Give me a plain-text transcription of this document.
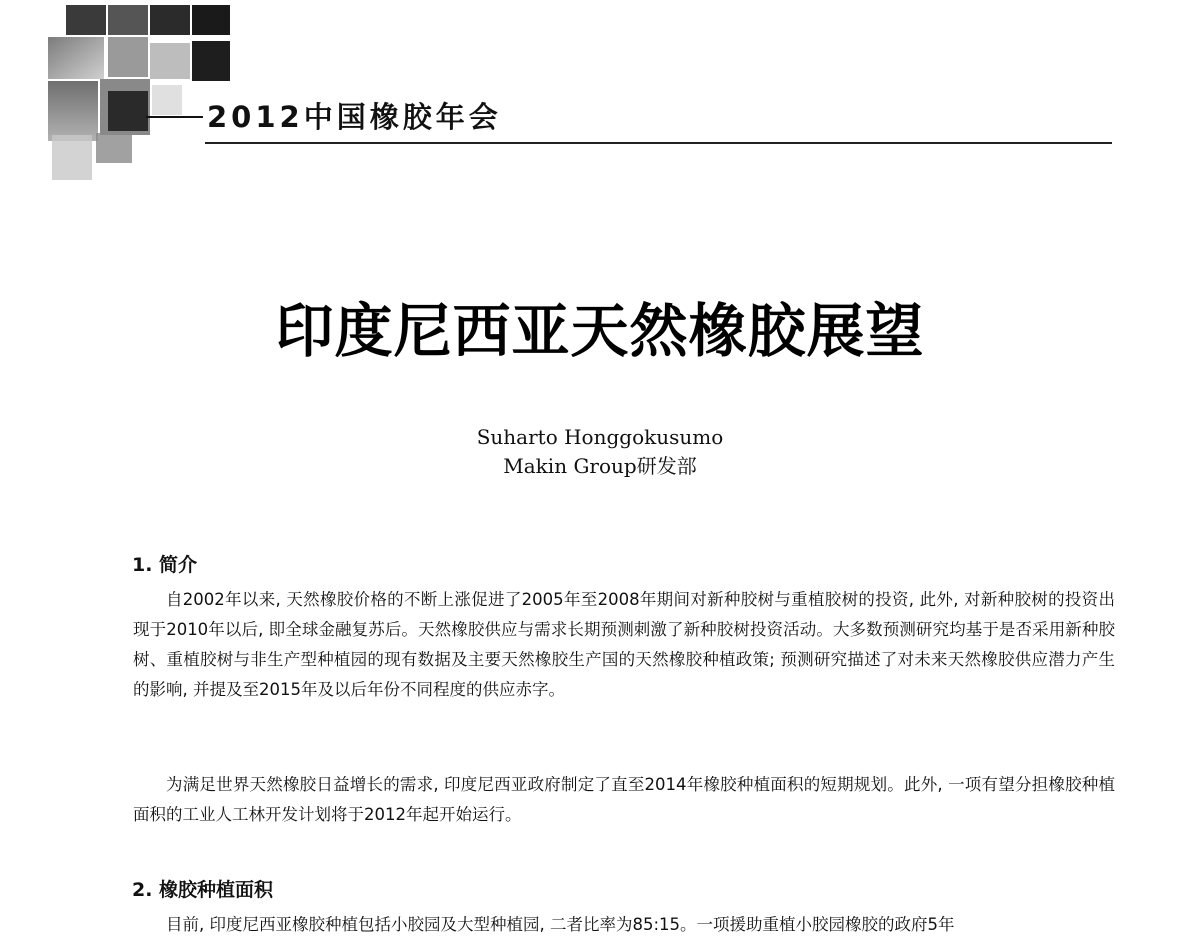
2012中国橡胶年会
印度尼西亚天然橡胶展望
Suharto Honggokusumo
Makin Group研发部
1. 简介

自2002年以来, 天然橡胶价格的不断上涨促进了2005年至2008年期间对新种胶树与重植胶树的投资, 此外, 对新种胶树的投资出现于2010年以后, 即全球金融复苏后。天然橡胶供应与需求长期预测刺激了新种胶树投资活动。大多数预测研究均基于是否采用新种胶树、重植胶树与非生产型种植园的现有数据及主要天然橡胶生产国的天然橡胶种植政策; 预测研究描述了对未来天然橡胶供应潜力产生的影响, 并提及至2015年及以后年份不同程度的供应赤字。

为满足世界天然橡胶日益增长的需求, 印度尼西亚政府制定了直至2014年橡胶种植面积的短期规划。此外, 一项有望分担橡胶种植面积的工业人工林开发计划将于2012年起开始运行。

2. 橡胶种植面积

目前, 印度尼西亚橡胶种植包括小胶园及大型种植园, 二者比率为85:15。一项援助重植小胶园橡胶的政府5年
